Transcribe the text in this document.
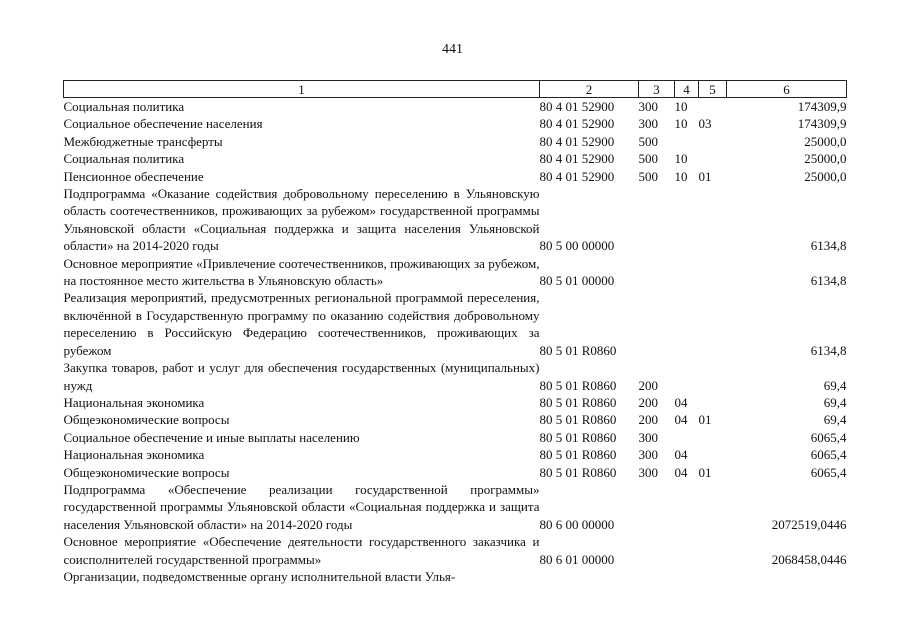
441
1	2	3	4	5	6
Социальная политика	80 4 01 52900	300	10		174309,9
Социальное обеспечение населения	80 4 01 52900	300	10	03	174309,9
Межбюджетные трансферты	80 4 01 52900	500			25000,0
Социальная политика	80 4 01 52900	500	10		25000,0
Пенсионное обеспечение	80 4 01 52900	500	10	01	25000,0
Подпрограмма «Оказание содействия добровольному переселению в Ульяновскую область соотечественников, проживающих за рубежом» государственной программы Ульяновской области «Социальная поддержка и защита населения Ульяновской области» на 2014-2020 годы	80 5 00 00000				6134,8
Основное мероприятие «Привлечение соотечественников, проживающих за рубежом, на постоянное место жительства в Ульяновскую область»	80 5 01 00000				6134,8
Реализация мероприятий, предусмотренных региональной программой переселения, включённой в Государственную программу по оказанию содействия добровольному переселению в Российскую Федерацию соотечественников, проживающих за рубежом	80 5 01 R0860				6134,8
Закупка товаров, работ и услуг для обеспечения государственных (муниципальных) нужд	80 5 01 R0860	200			69,4
Национальная экономика	80 5 01 R0860	200	04		69,4
Общеэкономические вопросы	80 5 01 R0860	200	04	01	69,4
Социальное обеспечение и иные выплаты населению	80 5 01 R0860	300			6065,4
Национальная экономика	80 5 01 R0860	300	04		6065,4
Общеэкономические вопросы	80 5 01 R0860	300	04	01	6065,4
Подпрограмма «Обеспечение реализации государственной программы» государственной программы Ульяновской области «Социальная поддержка и защита населения Ульяновской области» на 2014-2020 годы	80 6 00 00000				2072519,0446
Основное мероприятие «Обеспечение деятельности государственного заказчика и соисполнителей государственной программы»	80 6 01 00000				2068458,0446
Организации, подведомственные органу исполнительной власти Улья-					
